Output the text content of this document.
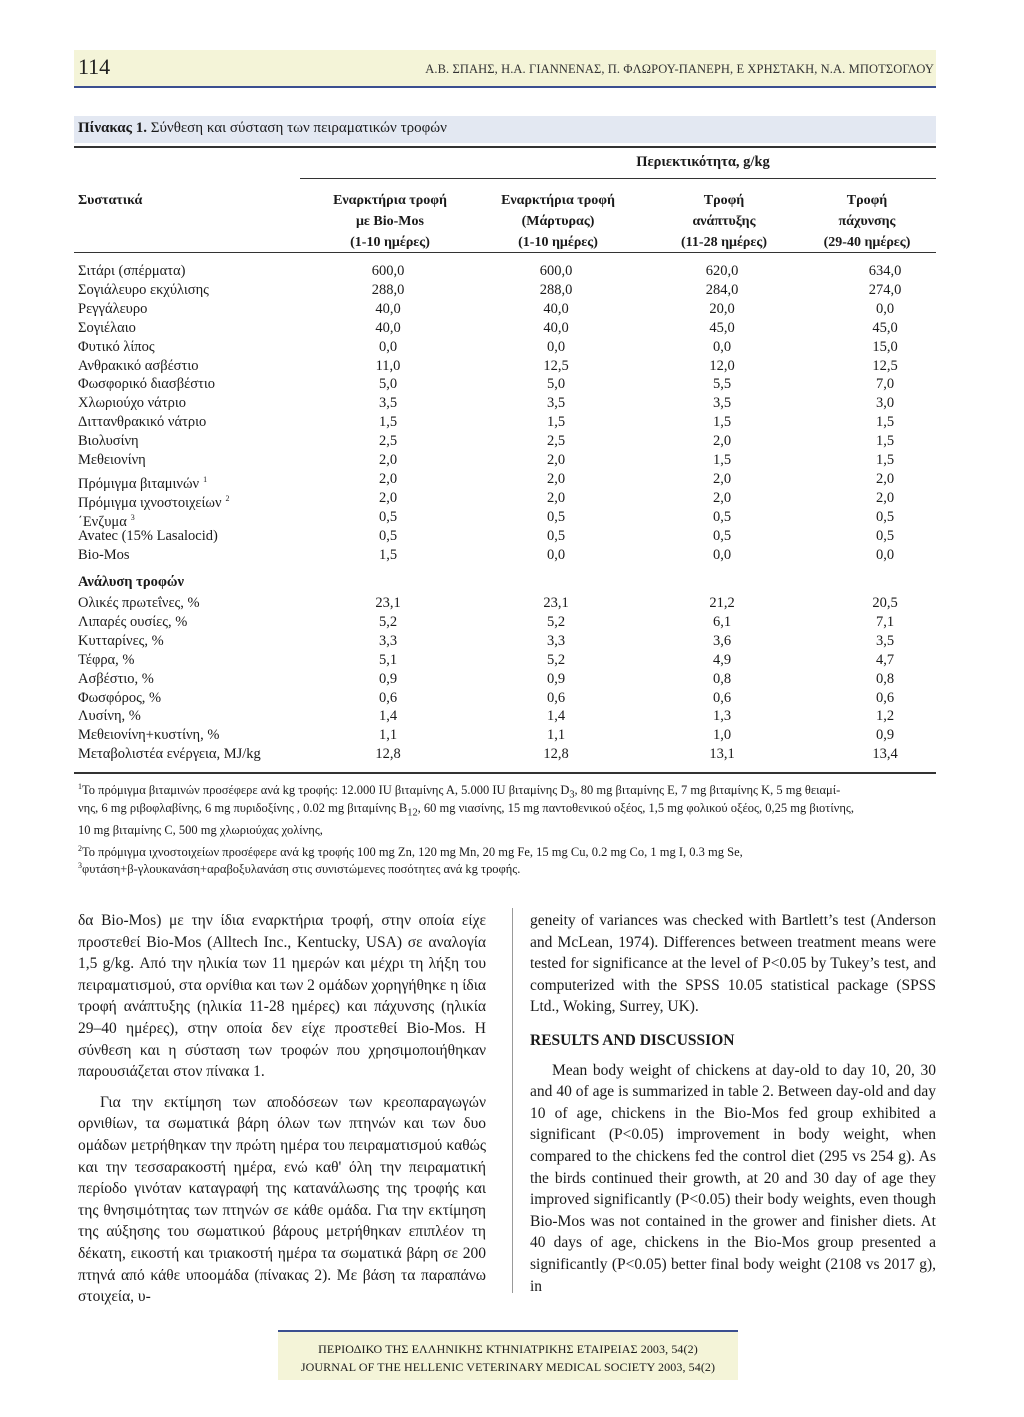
114	Α.Β. ΣΠΑΗΣ, Η.Α. ΓΙΑΝΝΕΝΑΣ, Π. ΦΛΩΡΟΥ-ΠΑΝΕΡΗ, Ε ΧΡΗΣΤΑΚΗ, Ν.Α. ΜΠΟΤΣΟΓΛΟΥ
Πίνακας 1. Σύνθεση και σύσταση των πειραματικών τροφών
Περιεκτικότητα, g/kg
Συστατικά	Εναρκτήρια τροφή
με Bio-Mos
(1-10 ημέρες)
Εναρκτήρια τροφή
(Μάρτυρας)
(1-10 ημέρες)
Τροφή
ανάπτυξης
(11-28 ημέρες)
Τροφή
πάχυνσης
(29-40 ημέρες)
Σιτάρι (σπέρματα)	600,0	600,0	620,0	634,0
Σογιάλευρο εκχύλισης	288,0	288,0	284,0	274,0
Ρεγγάλευρο	40,0	40,0	20,0	0,0
Σογιέλαιο	40,0	40,0	45,0	45,0
Φυτικό λίπος	0,0	0,0	0,0	15,0
Ανθρακικό ασβέστιο	11,0	12,5	12,0	12,5
Φωσφορικό διασβέστιο	5,0	5,0	5,5	7,0
Χλωριούχο νάτριο	3,5	3,5	3,5	3,0
Διττανθρακικό νάτριο	1,5	1,5	1,5	1,5
Βιολυσίνη	2,5	2,5	2,0	1,5
Μεθειονίνη	2,0	2,0	1,5	1,5
Πρόμιγμα βιταμινών $^1$	2,0	2,0	2,0	2,0
Πρόμιγμα ιχνοστοιχείων $^2$	2,0	2,0	2,0	2,0
΄Ενζυμα $^3$	0,5	0,5	0,5	0,5
Avatec (15% Lasalocid)	0,5	0,5	0,5	0,5
Bio-Mos	1,5	0,0	0,0	0,0
Ανάλυση τροφών
Ολικές πρωτεΐνες, %	23,1	23,1	21,2	20,5
Λιπαρές ουσίες, %	5,2	5,2	6,1	7,1
Κυτταρίνες, %	3,3	3,3	3,6	3,5
Τέφρα, %	5,1	5,2	4,9	4,7
Ασβέστιο, %	0,9	0,9	0,8	0,8
Φωσφόρος, %	0,6	0,6	0,6	0,6
Λυσίνη, %	1,4	1,4	1,3	1,2
Μεθειονίνη+κυστίνη, %	1,1	1,1	1,0	0,9
Μεταβολιστέα ενέργεια, MJ/kg	12,8	12,8	13,1	13,4
$^1$Το πρόμιγμα βιταμινών προσέφερε ανά kg τροφής: 12.000 IU βιταμίνης Α, 5.000 IU βιταμίνης $D_3$, 80 mg βιταμίνης Ε, 7 mg βιταμίνης Κ, 5 mg θειαμί-
νης, 6 mg ριβοφλαβίνης, 6 mg πυριδοξίνης , 0.02 mg βιταμίνης $B_{12}$, 60 mg νιασίνης, 15 mg παντοθενικού οξέος, 1,5 mg φολικού οξέος, 0,25 mg βιοτίνης,
10 mg βιταμίνης C, 500 mg χλωριούχας χολίνης,
$^2$Το πρόμιγμα ιχνοστοιχείων προσέφερε ανά kg τροφής 100 mg Zn, 120 mg Mn, 20 mg Fe, 15 mg Cu, 0.2 mg Co, 1 mg I, 0.3 mg Se,
$^3$φυτάση+β-γλουκανάση+αραβοξυλανάση στις συνιστώμενες ποσότητες ανά kg τροφής.

δα Bio-Mos) με την ίδια εναρκτήρια τροφή, στην οποία είχε προστεθεί Bio-Mos (Alltech Inc., Kentucky, USA) σε αναλογία 1,5 g/kg. Από την ηλικία των 11 ημερών και μέχρι τη λήξη του πειραματισμού, στα ορνίθια και των 2 ομάδων χορηγήθηκε η ίδια τροφή ανάπτυξης (ηλικία 11-28 ημέρες) και πάχυνσης (ηλικία 29–40 ημέρες), στην οποία δεν είχε προστεθεί Bio-Mos. Η σύνθεση και η σύσταση των τροφών που χρησιμοποιήθηκαν παρουσιάζεται στον πίνακα 1.

Για την εκτίμηση των αποδόσεων των κρεοπαραγωγών ορνιθίων, τα σωματικά βάρη όλων των πτηνών και των δυο ομάδων μετρήθηκαν την πρώτη ημέρα του πειραματισμού καθώς και την τεσσαρακοστή ημέρα, ενώ καθ' όλη την πειραματική περίοδο γινόταν καταγραφή της κατανάλωσης της τροφής και της θνησιμότητας των πτηνών σε κάθε ομάδα. Για την εκτίμηση της αύξησης του σωματικού βάρους μετρήθηκαν επιπλέον τη δέκατη, εικοστή και τριακοστή ημέρα τα σωματικά βάρη σε 200 πτηνά από κάθε υποομάδα (πίνακας 2). Με βάση τα παραπάνω στοιχεία, υ-

geneity of variances was checked with Bartlett’s test (Anderson and McLean, 1974). Differences between treatment means were tested for significance at the level of P<0.05 by Tukey’s test, and computerized with the SPSS 10.05 statistical package (SPSS Ltd., Woking, Surrey, UK).

RESULTS AND DISCUSSION

Mean body weight of chickens at day-old to day 10, 20, 30 and 40 of age is summarized in table 2. Between day-old and day 10 of age, chickens in the Bio-Mos fed group exhibited a significant (P<0.05) improvement in body weight, when compared to the chickens fed the control diet (295 vs 254 g). As the birds continued their growth, at 20 and 30 day of age they improved significantly (P<0.05) their body weights, even though Bio-Mos was not contained in the grower and finisher diets. At 40 days of age, chickens in the Bio-Mos group presented a significantly (P<0.05) better final body weight (2108 vs 2017 g), in

ΠΕΡΙΟΔΙΚΟ ΤΗΣ ΕΛΛΗΝΙΚΗΣ ΚΤΗΝΙΑΤΡΙΚΗΣ ΕΤΑΙΡΕΙΑΣ 2003, 54(2)
JOURNAL OF THE HELLENIC VETERINARY MEDICAL SOCIETY 2003, 54(2)
